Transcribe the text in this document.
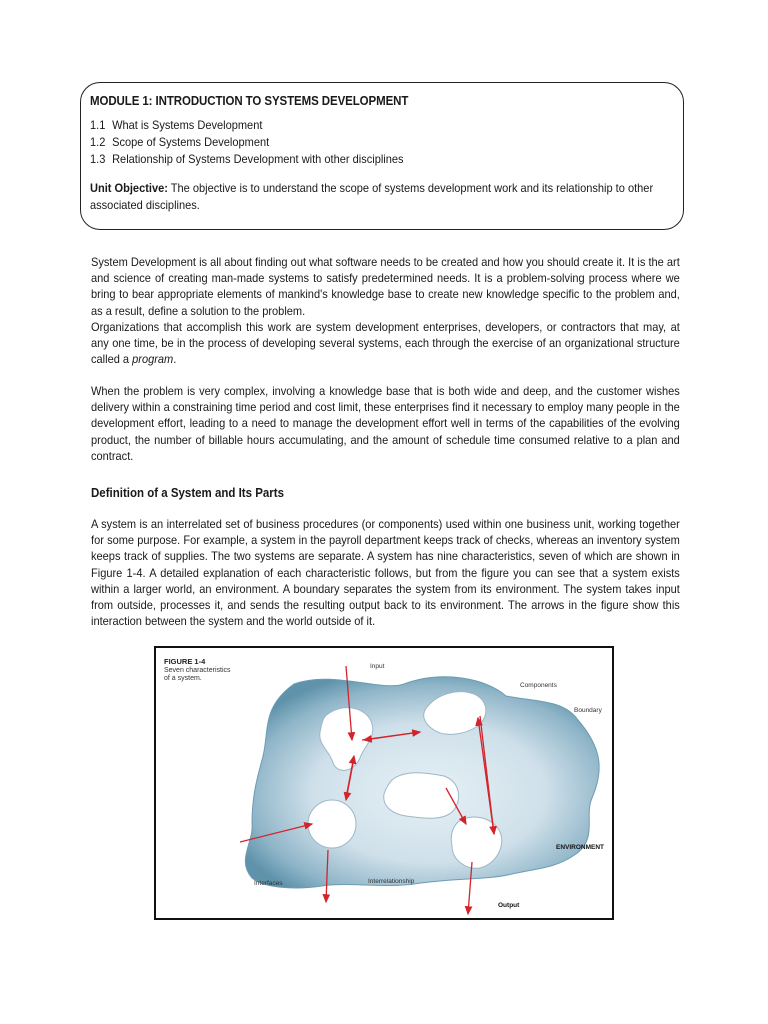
MODULE 1: INTRODUCTION TO SYSTEMS DEVELOPMENT

1.1 What is Systems Development
1.2 Scope of Systems Development
1.3 Relationship of Systems Development with other disciplines

Unit Objective: The objective is to understand the scope of systems development work and its relationship to other associated disciplines.

System Development is all about finding out what software needs to be created and how you should create it. It is the art and science of creating man-made systems to satisfy predetermined needs. It is a problem-solving process where we bring to bear appropriate elements of mankind's knowledge base to create new knowledge specific to the problem and, as a result, define a solution to the problem.
Organizations that accomplish this work are system development enterprises, developers, or contractors that may, at any one time, be in the process of developing several systems, each through the exercise of an organizational structure called a program.

When the problem is very complex, involving a knowledge base that is both wide and deep, and the customer wishes delivery within a constraining time period and cost limit, these enterprises find it necessary to employ many people in the development effort, leading to a need to manage the development effort well in terms of the capabilities of the evolving product, the number of billable hours accumulating, and the amount of schedule time consumed relative to a plan and contract.

Definition of a System and Its Parts

A system is an interrelated set of business procedures (or components) used within one business unit, working together for some purpose. For example, a system in the payroll department keeps track of checks, whereas an inventory system keeps track of supplies. The two systems are separate. A system has nine characteristics, seven of which are shown in Figure 1-4. A detailed explanation of each characteristic follows, but from the figure you can see that a system exists within a larger world, an environment. A boundary separates the system from its environment. The system takes input from outside, processes it, and sends the resulting output back to its environment. The arrows in the figure show this interaction between the system and the world outside of it.

FIGURE 1-4
Seven characteristics
of a system.
Input
Components
Boundary
ENVIRONMENT
Interfaces	Interrelationship
Output
